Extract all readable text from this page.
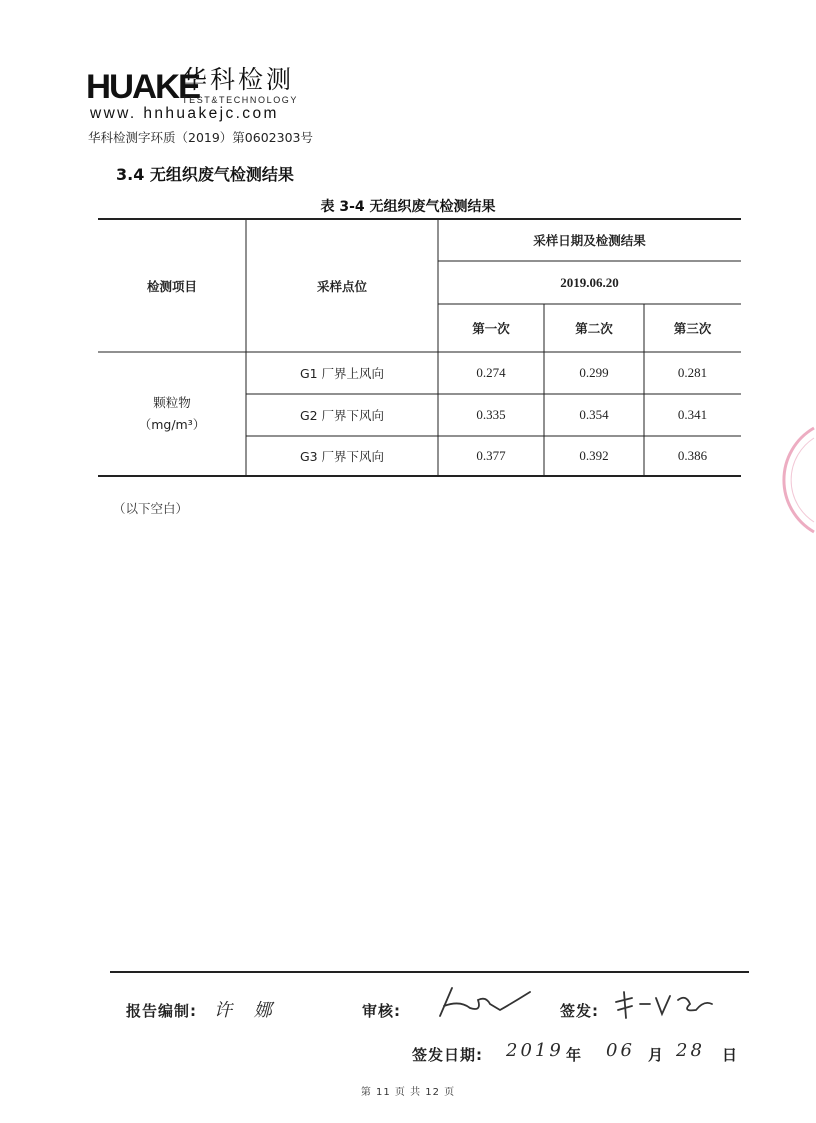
HUAKE
华科检测
TEST&TECHNOLOGY
www. hnhuakejc.com
华科检测字环质（2019）第0602303号
3.4 无组织废气检测结果
表 3-4 无组织废气检测结果
检测项目	采样点位
采样日期及检测结果
2019.06.20
第一次	第二次	第三次
颗粒物
（mg/m³）
G1 厂界上风向	0.274	0.299	0.281
G2 厂界下风向	0.335	0.354	0.341
G3 厂界下风向	0.377	0.392	0.386
（以下空白）
报告编制: 许 娜	审核:	签发:
签发日期: 2019 年 06 月 28 日
第 11 页 共 12 页
